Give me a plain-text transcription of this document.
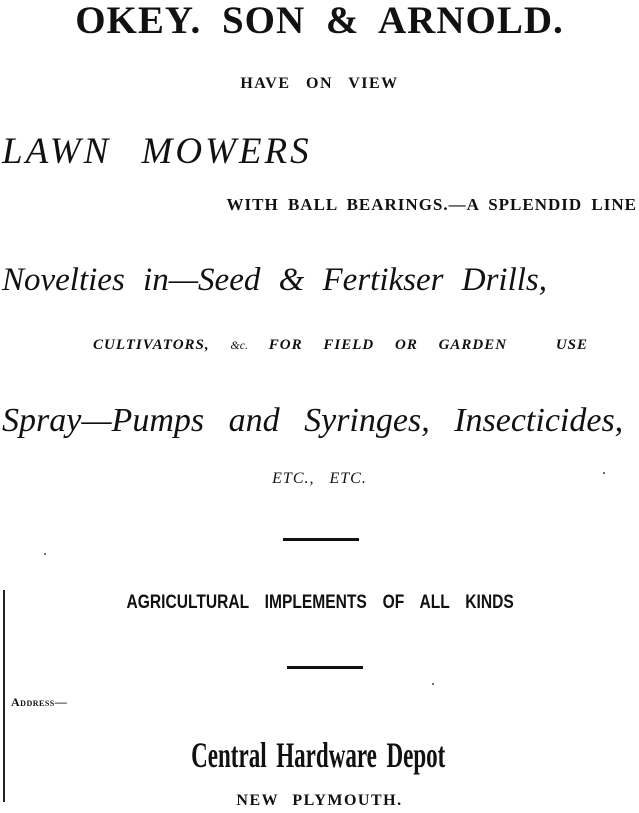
OKEY. SON & ARNOLD.
HAVE ON VIEW
LAWN MOWERS
WITH BALL BEARINGS.—A SPLENDID LINE
Novelties in—Seed & Fertikser Drills,
CULTIVATORS, &c. FOR FIELD OR GARDEN	USE
Spray—Pumps and Syringes, Insecticides,
ETC., ETC.
AGRICULTURAL IMPLEMENTS OF ALL KINDS
Address—
Central Hardware Depot
NEW PLYMOUTH.
